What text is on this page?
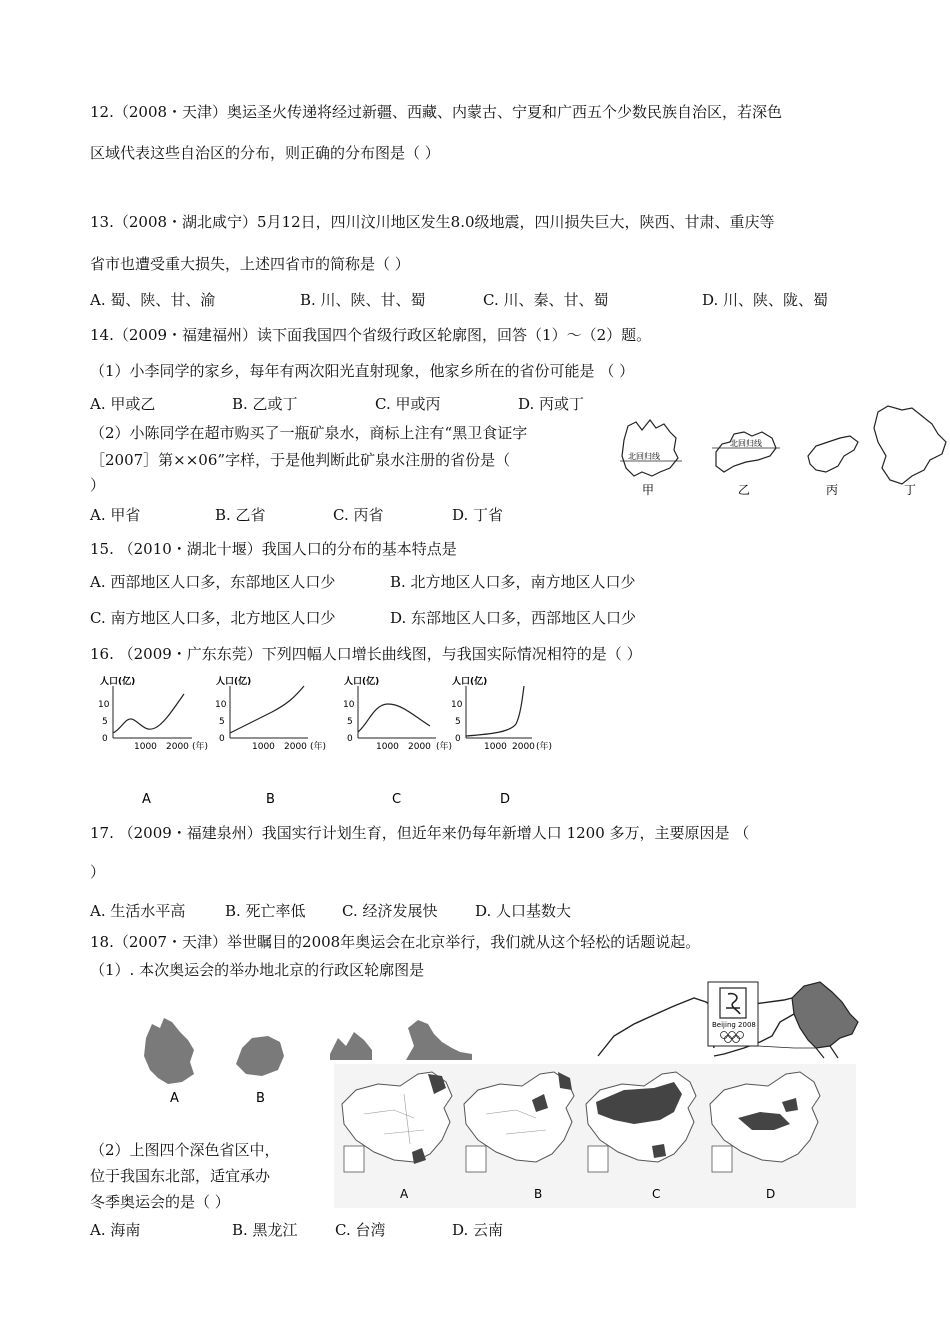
12.（2008・天津）奥运圣火传递将经过新疆、西藏、内蒙古、宁夏和广西五个少数民族自治区，若深色
区域代表这些自治区的分布，则正确的分布图是（ ）
13.（2008・湖北咸宁）5月12日，四川汶川地区发生8.0级地震，四川损失巨大，陕西、甘肃、重庆等
省市也遭受重大损失，上述四省市的简称是（ ）
A. 蜀、陕、甘、渝	B. 川、陕、甘、蜀	C. 川、秦、甘、蜀	D. 川、陕、陇、蜀
14.（2009・福建福州）读下面我国四个省级行政区轮廓图，回答（1）～（2）题。
（1）小李同学的家乡，每年有两次阳光直射现象，他家乡所在的省份可能是 （ ）
A. 甲或乙	B. 乙或丁	C. 甲或丙	D. 丙或丁
（2）小陈同学在超市购买了一瓶矿泉水，商标上注有“黑卫食证字
［2007］第××06”字样，于是他判断此矿泉水注册的省份是（
）
A. 甲省	B. 乙省	C. 丙省	D. 丁省
北回归线
北回归线
甲	乙	丙	丁
15. （2010・湖北十堰）我国人口的分布的基本特点是
A. 西部地区人口多，东部地区人口少	B. 北方地区人口多，南方地区人口少
C. 南方地区人口多，北方地区人口少	D. 东部地区人口多，西部地区人口少
16. （2009・广东东莞）下列四幅人口增长曲线图，与我国实际情况相符的是（ ）
人口(亿)
0
5
10
1000 2000 (年)
人口(亿)
0
5
10
1000 2000 (年)
人口(亿)
0
5
10
1000 2000 (年)
人口(亿)
0
5
10
1000 2000 (年)
A	B	C	D
17. （2009・福建泉州）我国实行计划生育，但近年来仍每年新增人口 1200 多万，主要原因是 （
）
A. 生活水平高	B. 死亡率低 C. 经济发展快	D. 人口基数大
18.（2007・天津）举世瞩目的2008年奥运会在北京举行，我们就从这个轻松的话题说起。
（1）. 本次奥运会的举办地北京的行政区轮廓图是
A	B
Beijing 2008
A	B	C	D
（2）上图四个深色省区中，
位于我国东北部，适宜承办
冬季奥运会的是（ ）
A. 海南	B. 黑龙江 C. 台湾	D. 云南
